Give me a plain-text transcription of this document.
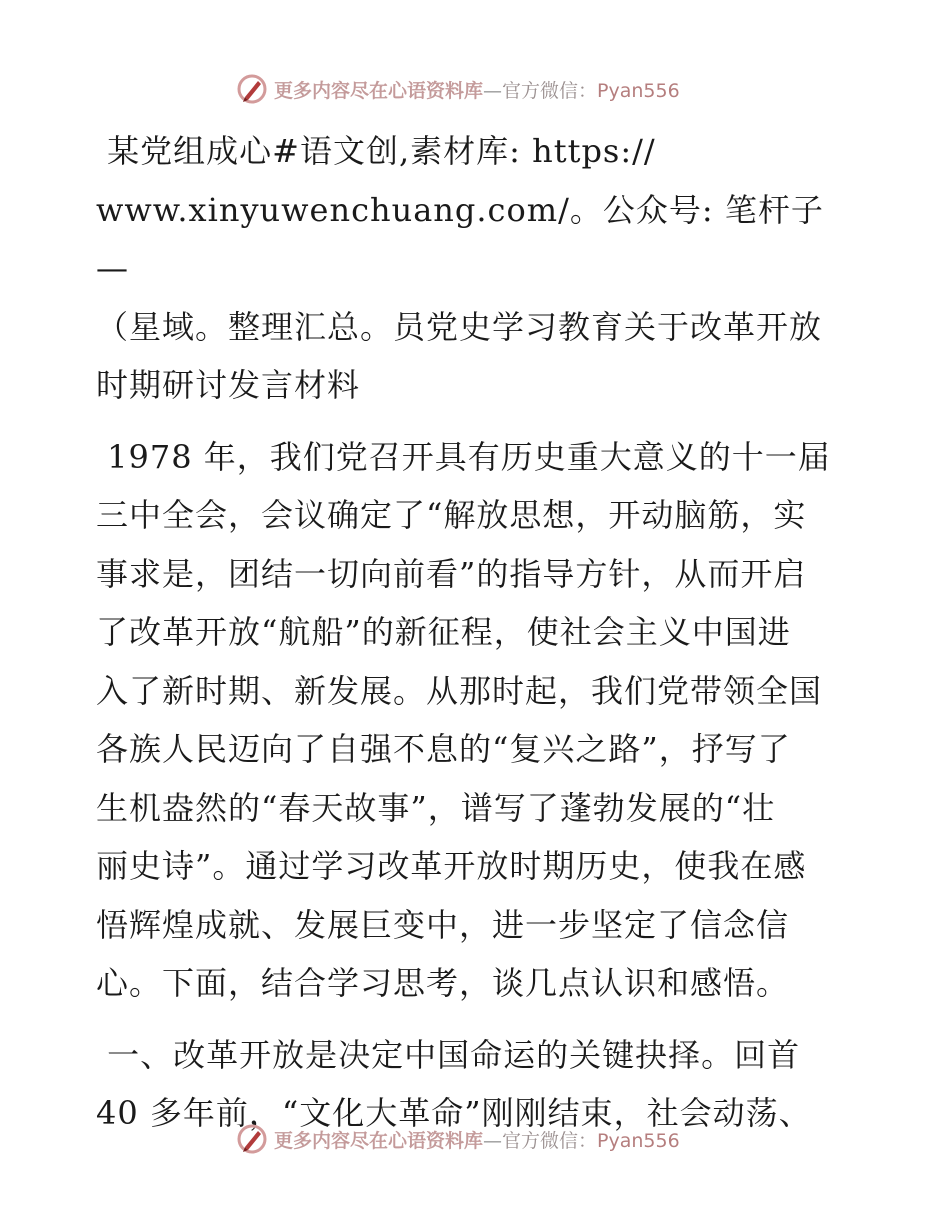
更多内容尽在心语资料库—官方微信：Pyan556

某党组成心#语文创,素材库: https://

www.xinyuwenchuang.com/。公众号: 笔杆子—

（星域。整理汇总。员党史学习教育关于改革开放

时期研讨发言材料

1978 年，我们党召开具有历史重大意义的十一届

三中全会，会议确定了“解放思想，开动脑筋，实

事求是，团结一切向前看”的指导方针，从而开启

了改革开放“航船”的新征程，使社会主义中国进

入了新时期、新发展。从那时起，我们党带领全国

各族人民迈向了自强不息的“复兴之路”，抒写了

生机盎然的“春天故事”，谱写了蓬勃发展的“壮

丽史诗”。通过学习改革开放时期历史，使我在感

悟辉煌成就、发展巨变中，进一步坚定了信念信

心。下面，结合学习思考，谈几点认识和感悟。

一、改革开放是决定中国命运的关键抉择。回首

40 多年前，“文化大革命”刚刚结束，社会动荡、

更多内容尽在心语资料库—官方微信：Pyan556
